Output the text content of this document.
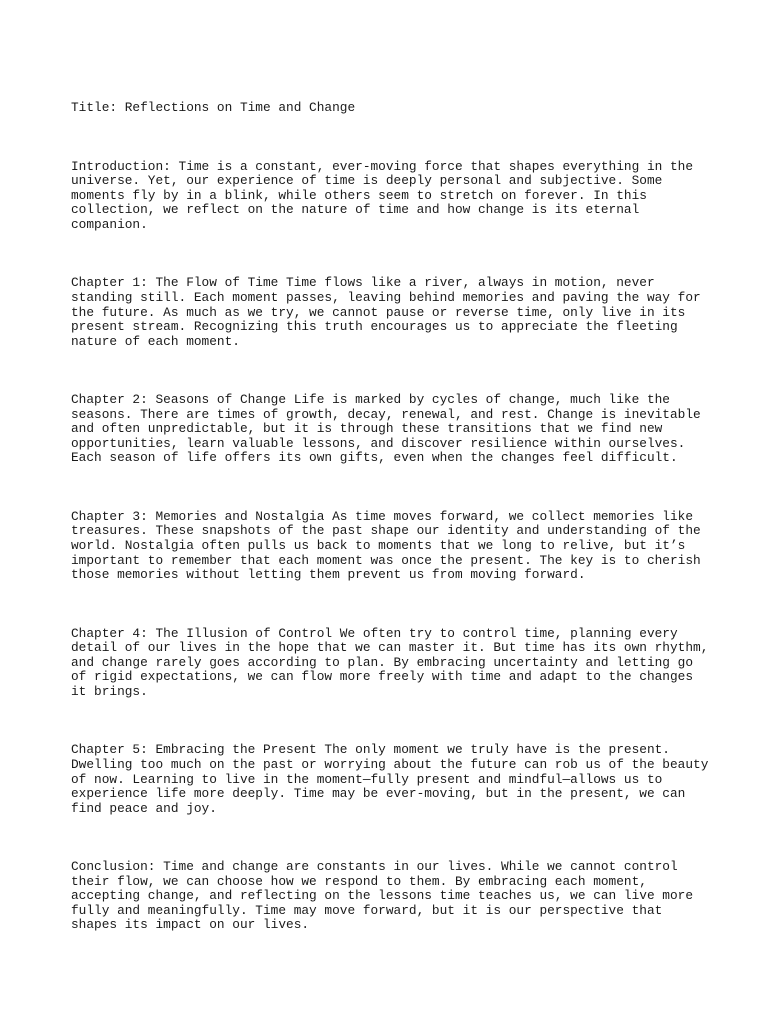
Title: Reflections on Time and Change

Introduction: Time is a constant, ever-moving force that shapes everything in the
universe. Yet, our experience of time is deeply personal and subjective. Some
moments fly by in a blink, while others seem to stretch on forever. In this
collection, we reflect on the nature of time and how change is its eternal
companion.

Chapter 1: The Flow of Time Time flows like a river, always in motion, never
standing still. Each moment passes, leaving behind memories and paving the way for
the future. As much as we try, we cannot pause or reverse time, only live in its
present stream. Recognizing this truth encourages us to appreciate the fleeting
nature of each moment.

Chapter 2: Seasons of Change Life is marked by cycles of change, much like the
seasons. There are times of growth, decay, renewal, and rest. Change is inevitable
and often unpredictable, but it is through these transitions that we find new
opportunities, learn valuable lessons, and discover resilience within ourselves.
Each season of life offers its own gifts, even when the changes feel difficult.

Chapter 3: Memories and Nostalgia As time moves forward, we collect memories like
treasures. These snapshots of the past shape our identity and understanding of the
world. Nostalgia often pulls us back to moments that we long to relive, but it’s
important to remember that each moment was once the present. The key is to cherish
those memories without letting them prevent us from moving forward.

Chapter 4: The Illusion of Control We often try to control time, planning every
detail of our lives in the hope that we can master it. But time has its own rhythm,
and change rarely goes according to plan. By embracing uncertainty and letting go
of rigid expectations, we can flow more freely with time and adapt to the changes
it brings.

Chapter 5: Embracing the Present The only moment we truly have is the present.
Dwelling too much on the past or worrying about the future can rob us of the beauty
of now. Learning to live in the moment—fully present and mindful—allows us to
experience life more deeply. Time may be ever-moving, but in the present, we can
find peace and joy.

Conclusion: Time and change are constants in our lives. While we cannot control
their flow, we can choose how we respond to them. By embracing each moment,
accepting change, and reflecting on the lessons time teaches us, we can live more
fully and meaningfully. Time may move forward, but it is our perspective that
shapes its impact on our lives.
